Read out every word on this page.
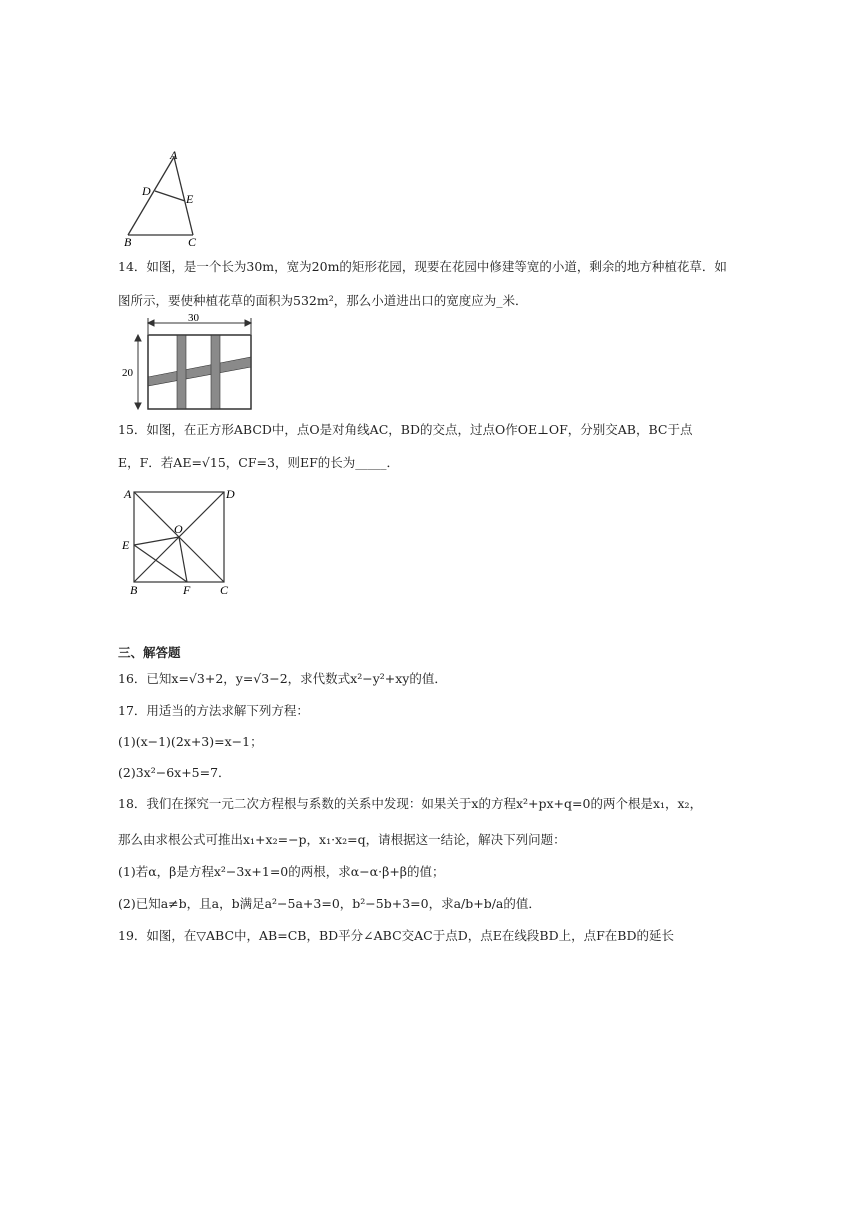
A
D
E
B	C
14．如图，是一个长为30m，宽为20m的矩形花园，现要在花园中修建等宽的小道，剩余的地方种植花草．如
图所示，要使种植花草的面积为532m²，那么小道进出口的宽度应为_米．
30
20
15．如图，在正方形ABCD中，点O是对角线AC，BD的交点，过点O作OE⊥OF，分别交AB，BC于点
E，F．若AE=√15，CF=3，则EF的长为_____．
A	D
O
E
B	F C
三、解答题
16．已知x=√3+2，y=√3−2，求代数式x²−y²+xy的值．
17．用适当的方法求解下列方程：
(1)(x−1)(2x+3)=x−1；
(2)3x²−6x+5=7．
18．我们在探究一元二次方程根与系数的关系中发现：如果关于x的方程x²+px+q=0的两个根是x₁，x₂，
那么由求根公式可推出x₁+x₂=−p，x₁·x₂=q，请根据这一结论，解决下列问题：
(1)若α，β是方程x²−3x+1=0的两根，求α−α·β+β的值；
(2)已知a≠b，且a，b满足a²−5a+3=0，b²−5b+3=0，求a/b+b/a的值．
19．如图，在▽ABC中，AB=CB，BD平分∠ABC交AC于点D，点E在线段BD上，点F在BD的延长
